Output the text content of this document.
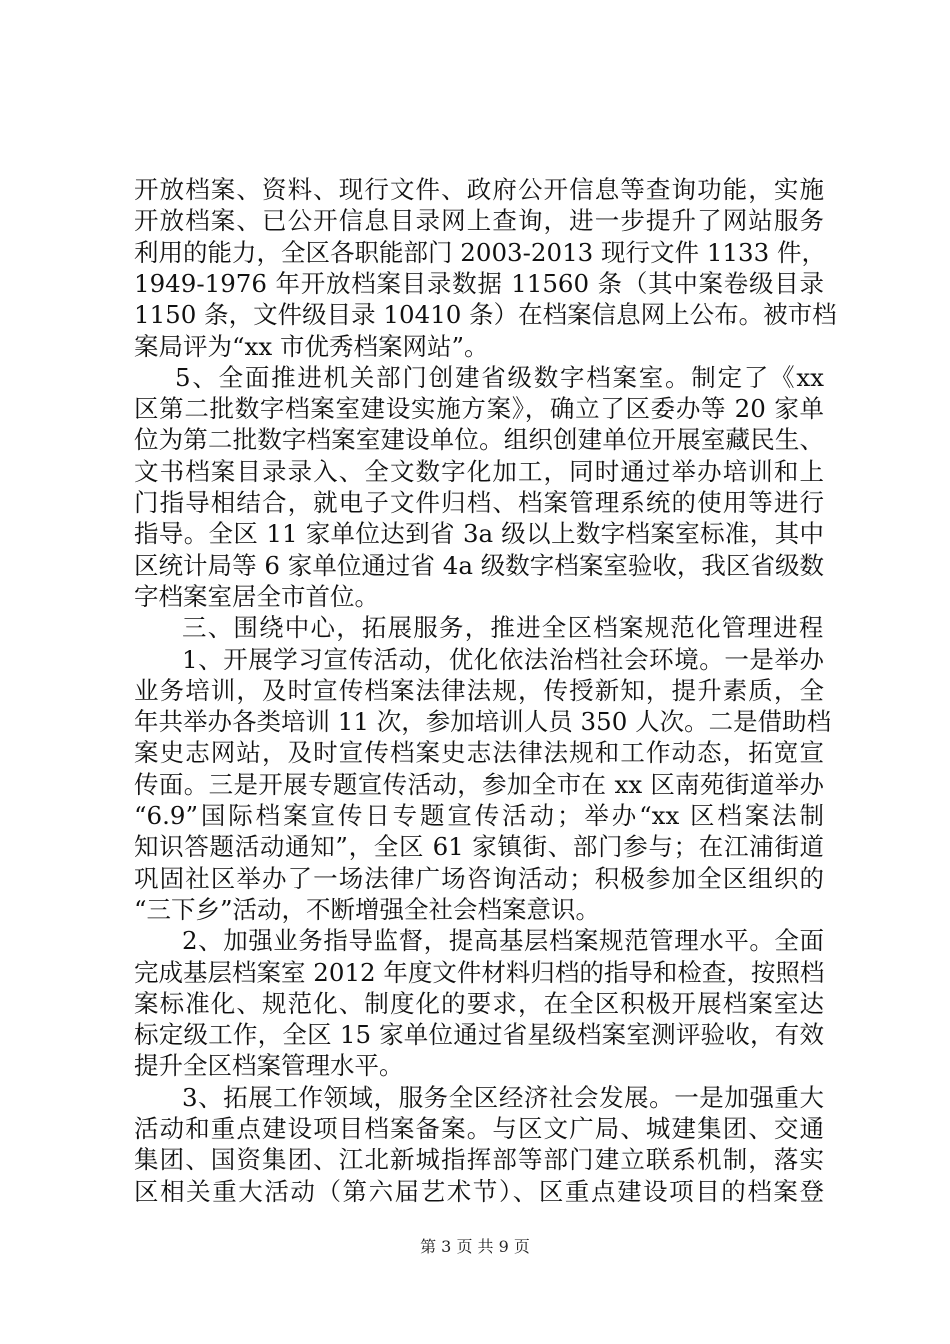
开放档案、资料、现行文件、政府公开信息等查询功能，实施
开放档案、已公开信息目录网上查询，进一步提升了网站服务
利用的能力，全区各职能部门 2003-2013 现行文件 1133 件，
1949-1976 年开放档案目录数据 11560 条（其中案卷级目录
1150 条，文件级目录 10410 条）在档案信息网上公布。被市档
案局评为“xx 市优秀档案网站”。
5、全面推进机关部门创建省级数字档案室。制定了《xx
区第二批数字档案室建设实施方案》，确立了区委办等 20 家单
位为第二批数字档案室建设单位。组织创建单位开展室藏民生、
文书档案目录录入、全文数字化加工，同时通过举办培训和上
门指导相结合，就电子文件归档、档案管理系统的使用等进行
指导。全区 11 家单位达到省 3a 级以上数字档案室标准，其中
区统计局等 6 家单位通过省 4a 级数字档案室验收，我区省级数
字档案室居全市首位。
三、围绕中心，拓展服务，推进全区档案规范化管理进程
1、开展学习宣传活动，优化依法治档社会环境。一是举办
业务培训，及时宣传档案法律法规，传授新知，提升素质，全
年共举办各类培训 11 次，参加培训人员 350 人次。二是借助档
案史志网站，及时宣传档案史志法律法规和工作动态，拓宽宣
传面。三是开展专题宣传活动，参加全市在 xx 区南苑街道举办
“6.9”国际档案宣传日专题宣传活动；举办“xx 区档案法制
知识答题活动通知”，全区 61 家镇街、部门参与；在江浦街道
巩固社区举办了一场法律广场咨询活动；积极参加全区组织的
“三下乡”活动，不断增强全社会档案意识。
2、加强业务指导监督，提高基层档案规范管理水平。全面
完成基层档案室 2012 年度文件材料归档的指导和检查，按照档
案标准化、规范化、制度化的要求，在全区积极开展档案室达
标定级工作，全区 15 家单位通过省星级档案室测评验收，有效
提升全区档案管理水平。
3、拓展工作领域，服务全区经济社会发展。一是加强重大
第 3 页 共 9 页
活动和重点建设项目档案备案。与区文广局、城建集团、交通
集团、国资集团、江北新城指挥部等部门建立联系机制，落实
区相关重大活动（第六届艺术节）、区重点建设项目的档案登
